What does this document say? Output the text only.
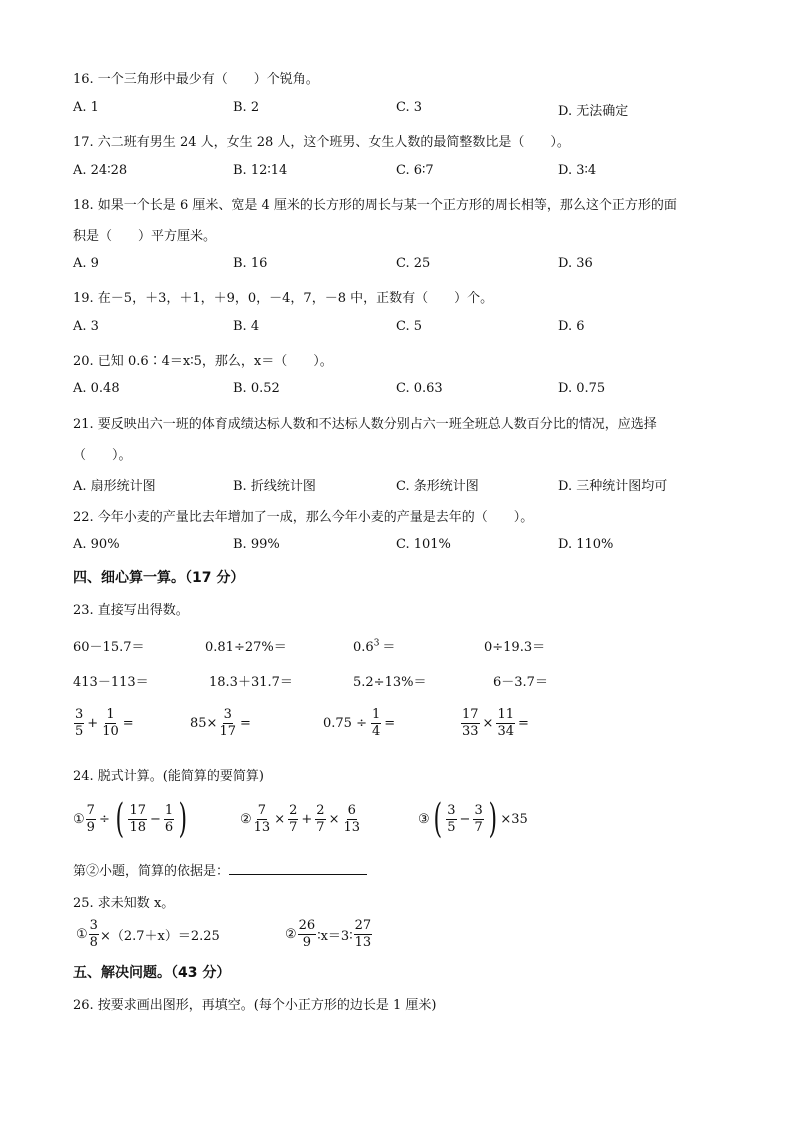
16. 一个三角形中最少有（　　）个锐角。
A. 1	B. 2	C. 3	D. 无法确定
17. 六二班有男生 24 人，女生 28 人，这个班男、女生人数的最简整数比是（　　）。
A. 24∶28	B. 12∶14	C. 6∶7	D. 3∶4
18. 如果一个长是 6 厘米、宽是 4 厘米的长方形的周长与某一个正方形的周长相等，那么这个正方形的面
积是（　　）平方厘米。
A. 9	B. 16	C. 25	D. 36
19. 在－5，＋3，＋1，＋9，0，－4，7，－8 中，正数有（　　）个。
A. 3	B. 4	C. 5	D. 6
20. 已知 0.6∶4＝x∶5，那么，x＝（　　）。
A. 0.48	B. 0.52	C. 0.63	D. 0.75
21. 要反映出六一班的体育成绩达标人数和不达标人数分别占六一班全班总人数百分比的情况，应选择
（　　）。
A. 扇形统计图	B. 折线统计图	C. 条形统计图	D. 三种统计图均可
22. 今年小麦的产量比去年增加了一成，那么今年小麦的产量是去年的（　　）。
A. 90%	B. 99%	C. 101%	D. 110%
四、细心算一算。（17 分）
23. 直接写出得数。
60－15.7＝	0.81÷27%＝	$0.6^3$ ＝	0÷19.3＝
413－113＝	18.3＋31.7＝	5.2÷13%＝	6－3.7＝
$\frac{3}{5} + \frac{1}{10}$ =	$85\times \frac{3}{17}$ =	$0.75 \div \frac{1}{4}$ =	$\frac{17}{33} \times \frac{11}{34}$ =
24. 脱式计算。(能简算的要简算)
① $\frac{7}{9}$ ÷ ( $\frac{17}{18} - \frac{1}{6}$ )	② $\frac{7}{13} \times \frac{2}{7} + \frac{2}{7} \times \frac{6}{13}$	③ ( $\frac{3}{5} - \frac{3}{7}$ ) ×35
第②小题，简算的依据是：
25. 求未知数 x。
① $\frac{3}{8} \times(2.7+x)=2.25$	② $\frac{26}{9}$ ∶x＝3∶ $\frac{27}{13}$
五、解决问题。（43 分）
26. 按要求画出图形，再填空。(每个小正方形的边长是 1 厘米)
